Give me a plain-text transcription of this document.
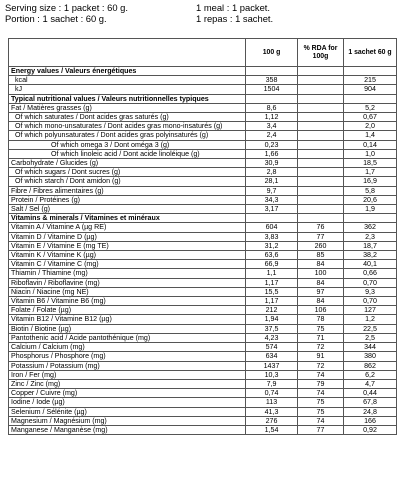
Serving size : 1 packet : 60 g.
Portion : 1 sachet : 60 g.
1 meal : 1 packet.
1 repas : 1 sachet.
	100 g	% RDA for 100g	1 sachet 60 g
Energy values / Valeurs énergétiques			
kcal	358		215
kJ	1504		904
Typical nutritional values / Valeurs nutritionnelles typiques			
Fat / Matières grasses (g)	8,6		5,2
Of which saturates / Dont acides gras saturés (g)	1,12		0,67
Of which mono-unsaturates / Dont acides gras mono-insaturés (g)	3,4		2,0
Of which polyunsaturates / Dont acides gras polyinsaturés (g)	2,4		1,4
Of which omega 3 / Dont oméga 3 (g)	0,23		0,14
Of which linoleic acid / Dont acide linoléique (g)	1,66		1,0
Carbohydrate / Glucides (g)	30,9		18,5
Of which sugars / Dont sucres (g)	2,8		1,7
Of which starch / Dont amidon (g)	28,1		16,9
Fibre / Fibres alimentaires (g)	9,7		5,8
Protein / Protéines (g)	34,3		20,6
Salt / Sel (g)	3,17		1,9
Vitamins & minerals / Vitamines et minéraux			
Vitamin A / Vitamine A (µg RE)	604	76	362
Vitamin D / Vitamine D (µg)	3,83	77	2,3
Vitamin E / Vitamine E (mg TE)	31,2	260	18,7
Vitamin K / Vitamine K (µg)	63,6	85	38,2
Vitamin C / Vitamine C (mg)	66,9	84	40,1
Thiamin / Thiamine (mg)	1,1	100	0,66
Riboflavin / Riboflavine (mg)	1,17	84	0,70
Niacin / Niacine (mg NE)	15,5	97	9,3
Vitamin B6 / Vitamine B6 (mg)	1,17	84	0,70
Folate / Folate (µg)	212	106	127
Vitamin B12 / Vitamine B12 (µg)	1,94	78	1,2
Biotin / Biotine (µg)	37,5	75	22,5
Pantothenic acid / Acide pantothénique (mg)	4,23	71	2,5
Calcium / Calcium (mg)	574	72	344
Phosphorus / Phosphore (mg)	634	91	380
Potassium / Potassium (mg)	1437	72	862
Iron / Fer (mg)	10,3	74	6,2
Zinc / Zinc (mg)	7,9	79	4,7
Copper / Cuivre (mg)	0,74	74	0,44
Iodine / Iode (µg)	113	75	67,8
Selenium / Sélénite (µg)	41,3	75	24,8
Magnesium / Magnésium (mg)	276	74	166
Manganese / Manganèse (mg)	1,54	77	0,92
